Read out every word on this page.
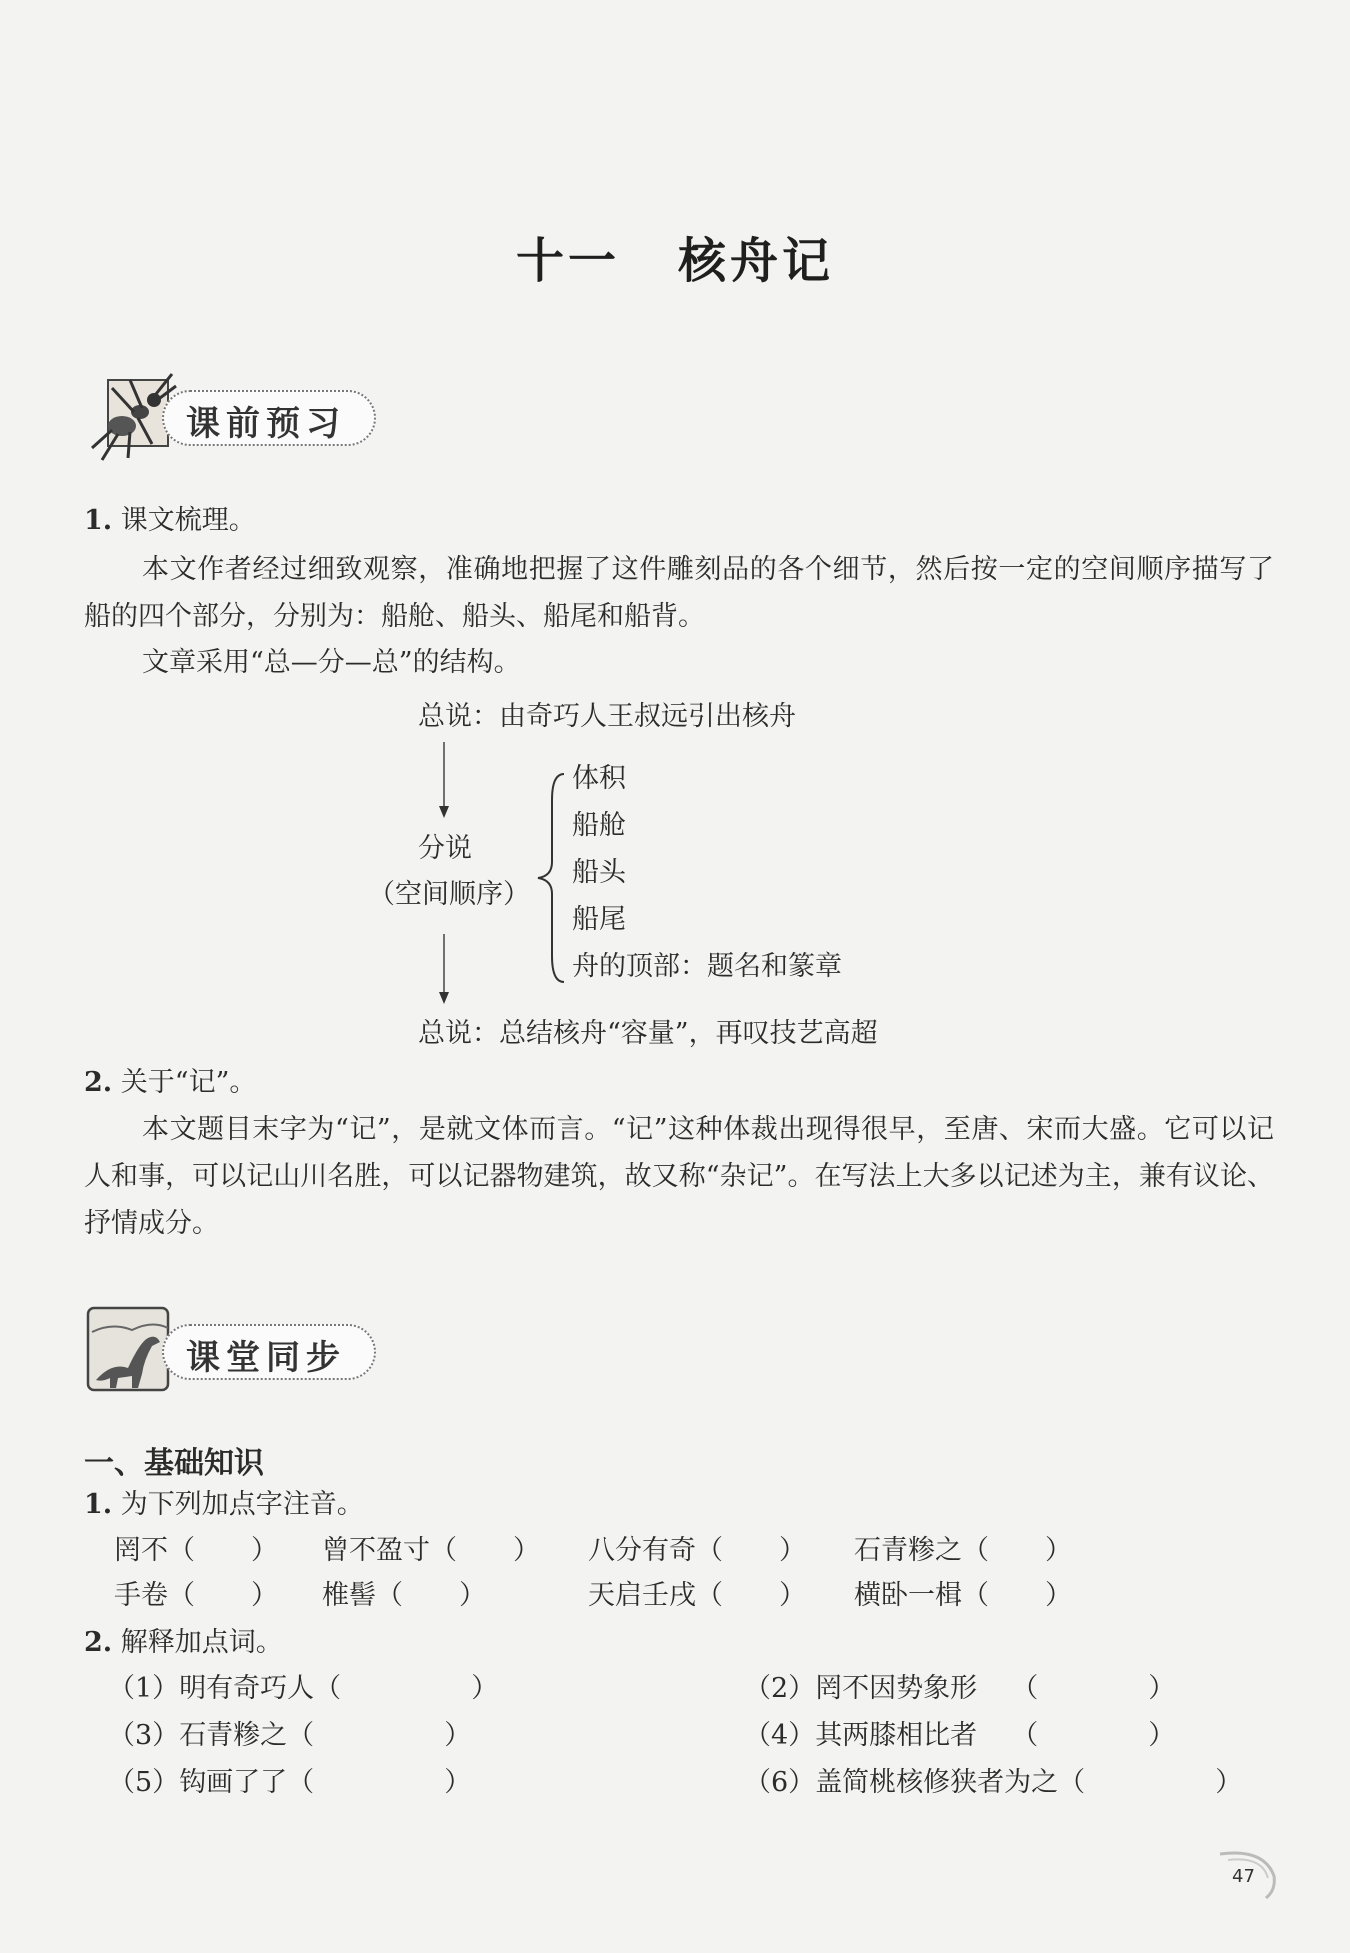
十一 核舟记
课前预习
1. 课文梳理。
本文作者经过细致观察，准确地把握了这件雕刻品的各个细节，然后按一定的空间顺序描写了船的四个部分，分别为：船舱、船头、船尾和船背。
文章采用“总—分—总”的结构。
总说：由奇巧人王叔远引出核舟
分说
（空间顺序）
体积
船舱
船头
船尾
舟的顶部：题名和篆章
总说：总结核舟“容量”，再叹技艺高超
2. 关于“记”。
本文题目末字为“记”，是就文体而言。“记”这种体裁出现得很早，至唐、宋而大盛。它可以记人和事，可以记山川名胜，可以记器物建筑，故又称“杂记”。在写法上大多以记述为主，兼有议论、抒情成分。
课堂同步
一、基础知识
1. 为下列加点字注音。
罔不（ ） 曾不盈寸（ ） 八分有奇（ ） 石青糁之（ ）
手卷（ ） 椎髻（ ）	天启壬戌（ ） 横卧一楫（ ）
2. 解释加点词。
（1）明有奇巧人（	）	（2）罔不因势象形 （	）
（3）石青糁之（	）	（4）其两膝相比者 （	）
（5）钩画了了（	）	（6）盖简桃核修狭者为之（	）
47
